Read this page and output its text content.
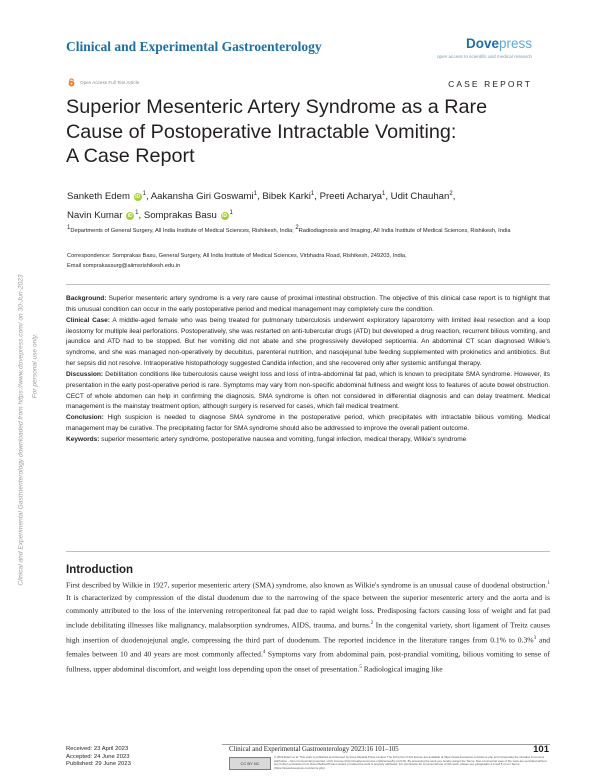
Clinical and Experimental Gastroenterology	Dovepress
open access to scientific and medical research
Open Access Full Text Article	CASE REPORT
Superior Mesenteric Artery Syndrome as a Rare
Cause of Postoperative Intractable Vomiting:
A Case Report
Sanketh Edem iD $^1$, Aakansha Giri Goswami$^1$, Bibek Karki$^1$, Preeti Acharya$^1$, Udit Chauhan$^2$,
Navin Kumar iD $^1$, Somprakas Basu iD $^1$
1Departments of General Surgery, All India Institute of Medical Sciences, Rishikesh, India; 2Radiodiagnosis and Imaging, All India Institute of Medical Sciences, Rishikesh, India
Correspondence: Somprakas Basu, General Surgery, All India Institute of Medical Sciences, Virbhadra Road, Rishikesh, 249203, India,
Email somprakassurg@aiimsrishikesh.edu.in

Background: Superior mesenteric artery syndrome is a very rare cause of proximal intestinal obstruction. The objective of this clinical case report is to highlight that this unusual condition can occur in the early postoperative period and medical management may completely cure the condition.

Clinical Case: A middle-aged female who was being treated for pulmonary tuberculosis underwent exploratory laparotomy with limited ileal resection and a loop ileostomy for multiple ileal perforations. Postoperatively, she was restarted on anti-tubercular drugs (ATD) but developed a drug reaction, recurrent bilious vomiting, and jaundice and ATD had to be stopped. But her vomiting did not abate and she progressively developed septicemia. An abdominal CT scan diagnosed Wilkie's syndrome, and she was managed non-operatively by decubitus, parenteral nutrition, and nasojejunal tube feeding supplemented with prokinetics and antibiotics. But her sepsis did not resolve. Intraoperative histopathology suggested Candida infection, and she recovered only after systemic antifungal therapy.

Discussion: Debilitation conditions like tuberculosis cause weight loss and loss of intra-abdominal fat pad, which is known to precipitate SMA syndrome. However, its presentation in the early post-operative period is rare. Symptoms may vary from non-specific abdominal fullness and weight loss to features of acute bowel obstruction. CECT of whole abdomen can help in confirming the diagnosis. SMA syndrome is often not considered in differential diagnosis and can delay treatment. Medical management is the mainstay treatment option, although surgery is reserved for cases, which fail medical treatment.

Conclusion: High suspicion is needed to diagnose SMA syndrome in the postoperative period, which precipitates with intractable bilious vomiting. Medical management may be curative. The precipitating factor for SMA syndrome should also be addressed to improve the overall patient outcome.

Keywords: superior mesenteric artery syndrome, postoperative nausea and vomiting, fungal infection, medical therapy, Wilkie's syndrome

Introduction

First described by Wilkie in 1927, superior mesenteric artery (SMA) syndrome, also known as Wilkie's syndrome is an unusual cause of duodenal obstruction.$^1$ It is characterized by compression of the distal duodenum due to the narrowing of the space between the superior mesenteric artery and the aorta and is commonly attributed to the loss of the intervening retroperitoneal fat pad due to rapid weight loss. Predisposing factors causing loss of weight and fat pad include debilitating illnesses like malignancy, malabsorption syndromes, AIDS, trauma, and burns.$^2$ In the congenital variety, short ligament of Treitz causes high insertion of duodenojejunal angle, compressing the third part of duodenum. The reported incidence in the literature ranges from 0.1% to 0.3%$^3$ and females between 10 and 40 years are most commonly affected.$^4$ Symptoms vary from abdominal pain, post-prandial vomiting, bilious vomiting to sense of fullness, upper abdominal discomfort, and weight loss depending upon the onset of presentation.$^5$ Radiological imaging like

Clinical and Experimental Gastroenterology downloaded from https://www.dovepress.com/ on 30-Jun-2023 For personal use only.
Received: 23 April 2023
Accepted: 24 June 2023
Published: 29 June 2023
Clinical and Experimental Gastroenterology 2023:16 101–105	101
CC BY NC
© 2023 Edem et al. This work is published and licensed by Dove Medical Press Limited. The full terms of this license are available at https://www.dovepress.com/terms.php and incorporate the Creative Commons Attribution – Non Commercial (unported, v3.0) License (http://creativecommons.org/licenses/by-nc/3.0/). By accessing the work you hereby accept the Terms. Non-commercial uses of the work are permitted without any further permission from Dove Medical Press Limited, provided the work is properly attributed. For permission for commercial use of this work, please see paragraphs 4.2 and 5 of our Terms (https://www.dovepress.com/terms.php).
